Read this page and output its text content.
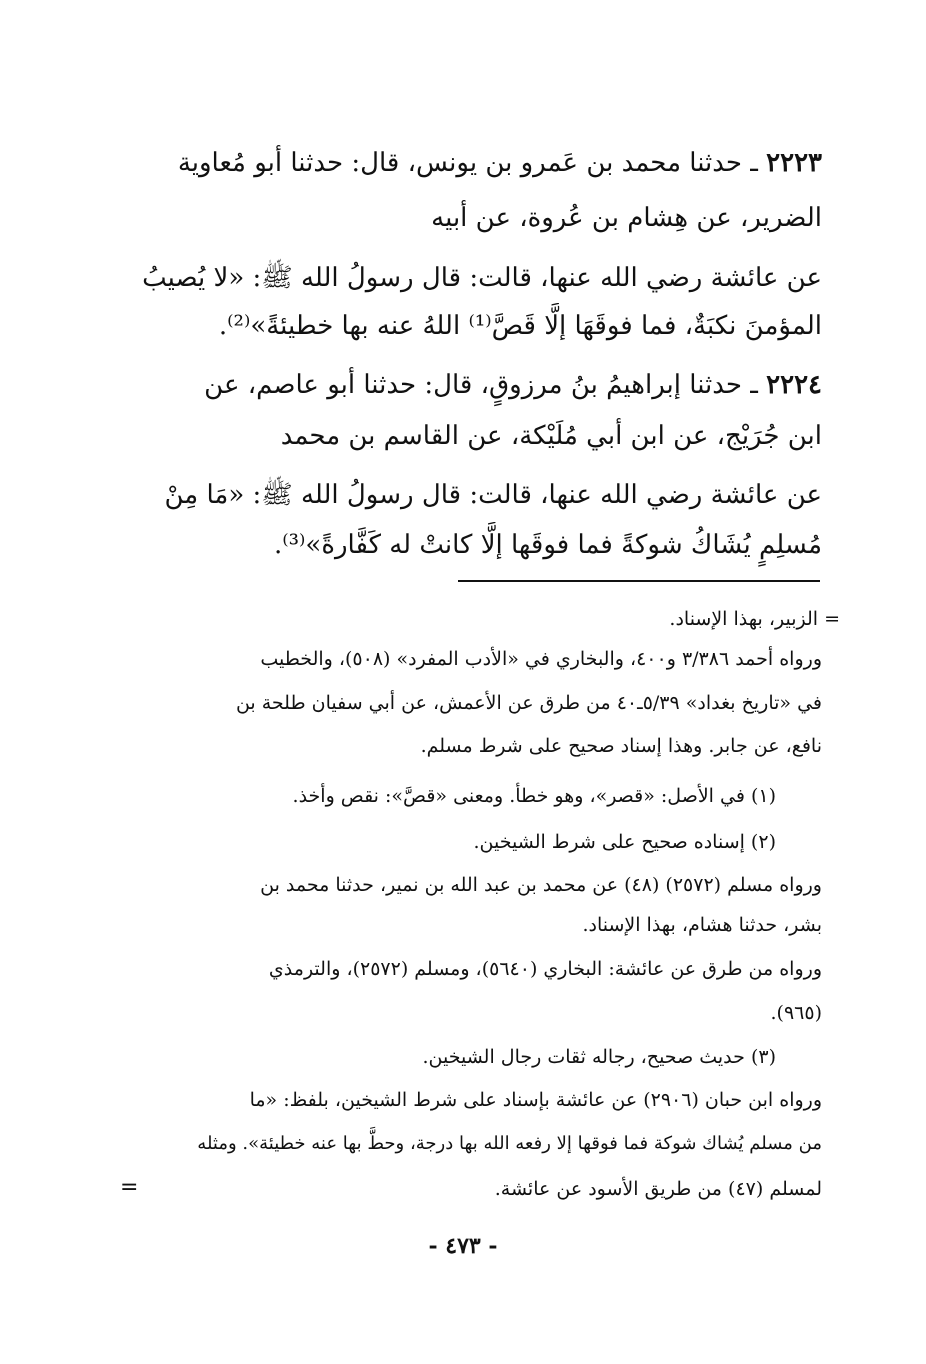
٢٢٢٣ ـ حدثنا محمد بن عَمرو بن يونس، قال: حدثنا أبو مُعاوية
الضرير، عن هِشام بن عُروة، عن أبيه
عن عائشة رضي الله عنها، قالت: قال رسولُ الله ﷺ: «لا يُصيبُ
المؤمنَ نكبَةٌ، فما فوقَهَا إلَّا قَصَّ⁽¹⁾ اللهُ عنه بها خطيئةً»⁽²⁾.
٢٢٢٤ ـ حدثنا إبراهيمُ بنُ مرزوقٍ، قال: حدثنا أبو عاصم، عن
ابن جُرَيْج، عن ابن أبي مُلَيْكة، عن القاسم بن محمد
عن عائشة رضي الله عنها، قالت: قال رسولُ الله ﷺ: «مَا مِنْ
مُسلِمٍ يُشَاكُ شوكةً فما فوقَها إلَّا كانتْ له كَفَّارةً»⁽³⁾.
= الزبير، بهذا الإسناد.
ورواه أحمد ٣/٣٨٦ و٤٠٠، والبخاري في «الأدب المفرد» (٥٠٨)، والخطيب
في «تاريخ بغداد» ٥/٣٩ـ٤٠ من طرق عن الأعمش، عن أبي سفيان طلحة بن
نافع، عن جابر. وهذا إسناد صحيح على شرط مسلم.
(١) في الأصل: «قصر»، وهو خطأ. ومعنى «قصَّ»: نقص وأخذ.
(٢) إسناده صحيح على شرط الشيخين.
ورواه مسلم (٢٥٧٢) (٤٨) عن محمد بن عبد الله بن نمير، حدثنا محمد بن
بشر، حدثنا هشام، بهذا الإسناد.
ورواه من طرق عن عائشة: البخاري (٥٦٤٠)، ومسلم (٢٥٧٢)، والترمذي
(٩٦٥).
(٣) حديث صحيح، رجاله ثقات رجال الشيخين.
ورواه ابن حبان (٢٩٠٦) عن عائشة بإسناد على شرط الشيخين، بلفظ: «ما
من مسلم يُشاك شوكة فما فوقها إلا رفعه الله بها درجة، وحطَّ بها عنه خطيئة». ومثله
لمسلم (٤٧) من طريق الأسود عن عائشة.
=
- ٤٧٣ -
